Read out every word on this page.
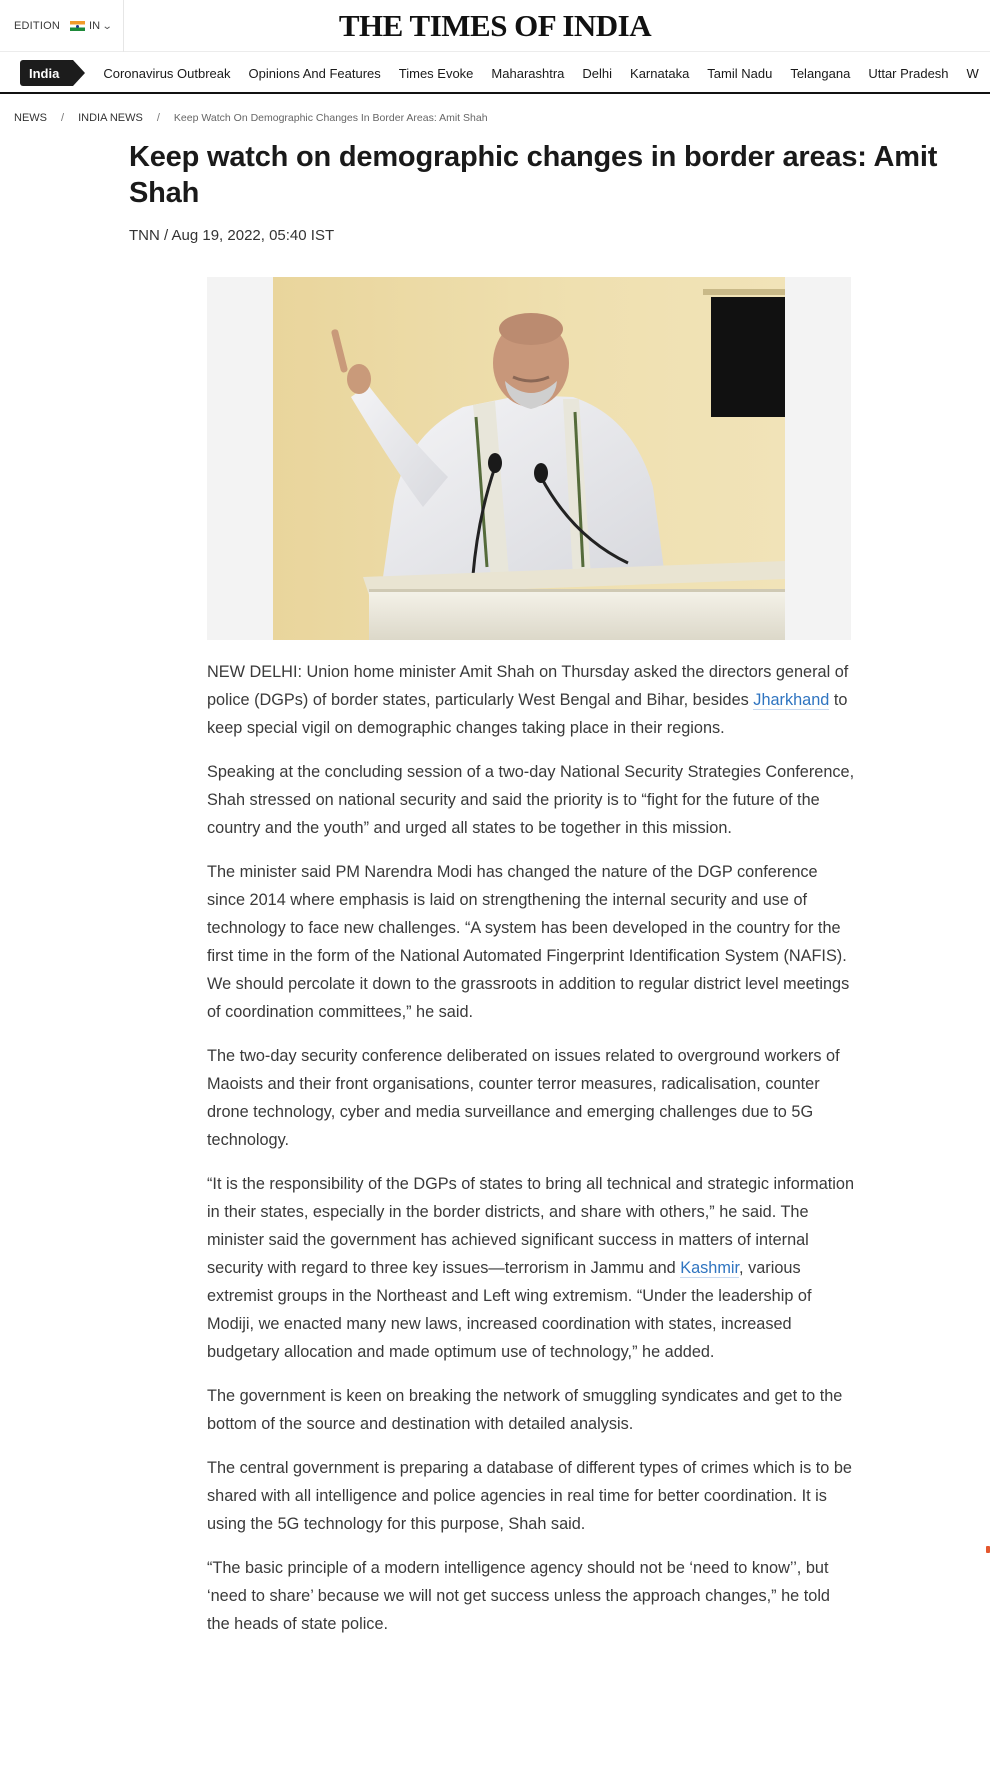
EDITION	IN ⌄	THE TIMES OF INDIA
India	Coronavirus Outbreak Opinions And Features Times Evoke Maharashtra Delhi Karnataka Tamil Nadu Telangana Uttar Pradesh W
NEWS / INDIA NEWS / Keep Watch On Demographic Changes In Border Areas: Amit Shah
Keep watch on demographic changes in border areas: Amit Shah
TNN / Aug 19, 2022, 05:40 IST

NEW DELHI: Union home minister Amit Shah on Thursday asked the directors general of police (DGPs) of border states, particularly West Bengal and Bihar, besides Jharkhand to keep special vigil on demographic changes taking place in their regions.

Speaking at the concluding session of a two-day National Security Strategies Conference, Shah stressed on national security and said the priority is to “fight for the future of the country and the youth” and urged all states to be together in this mission.

The minister said PM Narendra Modi has changed the nature of the DGP conference since 2014 where emphasis is laid on strengthening the internal security and use of technology to face new challenges. “A system has been developed in the country for the first time in the form of the National Automated Fingerprint Identification System (NAFIS). We should percolate it down to the grassroots in addition to regular district level meetings of coordination committees,” he said.

The two-day security conference deliberated on issues related to overground workers of Maoists and their front organisations, counter terror measures, radicalisation, counter drone technology, cyber and media surveillance and emerging challenges due to 5G technology.

“It is the responsibility of the DGPs of states to bring all technical and strategic information in their states, especially in the border districts, and share with others,” he said. The minister said the government has achieved significant success in matters of internal security with regard to three key issues—terrorism in Jammu and Kashmir, various extremist groups in the Northeast and Left wing extremism. “Under the leadership of Modiji, we enacted many new laws, increased coordination with states, increased budgetary allocation and made optimum use of technology,” he added.

The government is keen on breaking the network of smuggling syndicates and get to the bottom of the source and destination with detailed analysis.

The central government is preparing a database of different types of crimes which is to be shared with all intelligence and police agencies in real time for better coordination. It is using the 5G technology for this purpose, Shah said.

“The basic principle of a modern intelligence agency should not be ‘need to know’’, but ‘need to share’ because we will not get success unless the approach changes,” he told the heads of state police.
